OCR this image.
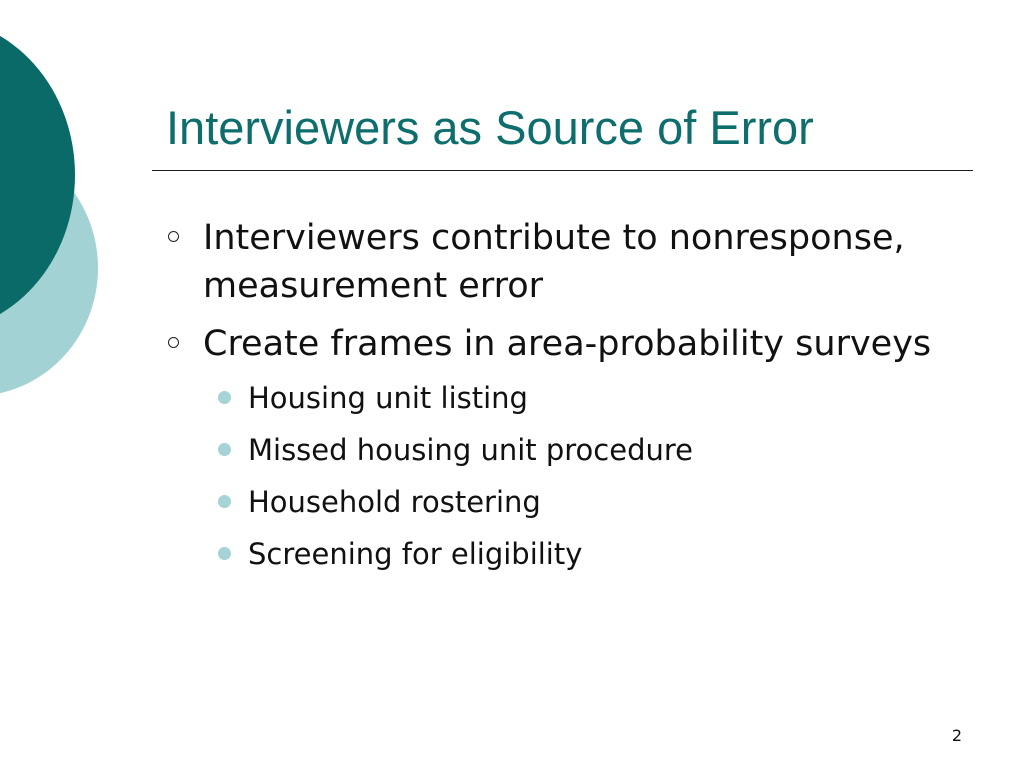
Interviewers as Source of Error
Interviewers contribute to nonresponse, measurement error
Create frames in area-probability surveys
Housing unit listing
Missed housing unit procedure
Household rostering
Screening for eligibility
2
